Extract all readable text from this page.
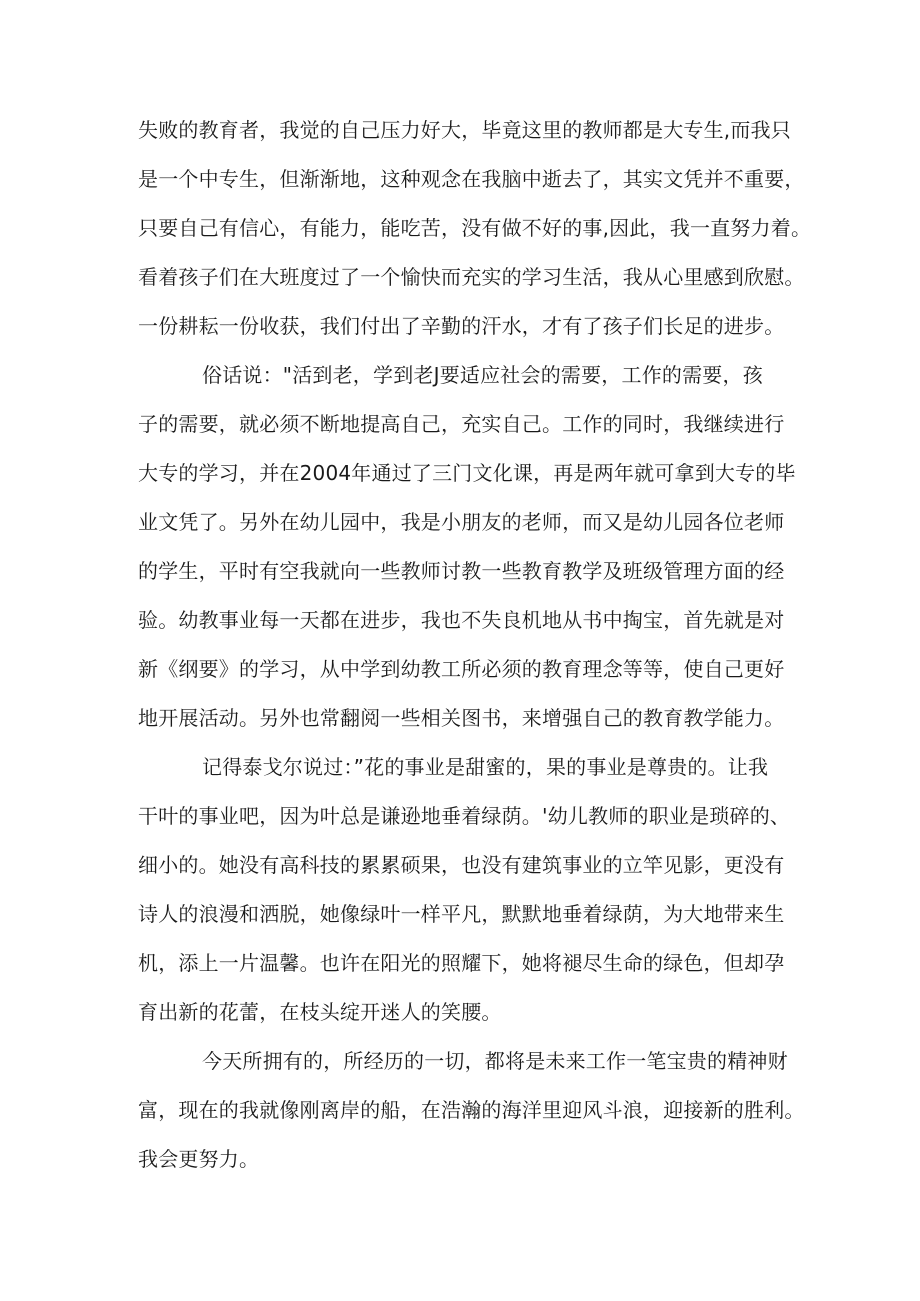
失败的教育者，我觉的自己压力好大，毕竟这里的教师都是大专生,而我只
是一个中专生，但渐渐地，这种观念在我脑中逝去了，其实文凭并不重要，
只要自己有信心，有能力，能吃苦，没有做不好的事,因此，我一直努力着。
看着孩子们在大班度过了一个愉快而充实的学习生活，我从心里感到欣慰。
一份耕耘一份收获，我们付出了辛勤的汗水，才有了孩子们长足的进步。
俗话说："活到老，学到老J要适应社会的需要，工作的需要，孩
子的需要，就必须不断地提高自己，充实自己。工作的同时，我继续进行
大专的学习，并在2004年通过了三门文化课，再是两年就可拿到大专的毕
业文凭了。另外在幼儿园中，我是小朋友的老师，而又是幼儿园各位老师
的学生，平时有空我就向一些教师讨教一些教育教学及班级管理方面的经
验。幼教事业每一天都在进步，我也不失良机地从书中掏宝，首先就是对
新《纲要》的学习，从中学到幼教工所必须的教育理念等等，使自己更好
地开展活动。另外也常翻阅一些相关图书，来增强自己的教育教学能力。
记得泰戈尔说过：”花的事业是甜蜜的，果的事业是尊贵的。让我
干叶的事业吧，因为叶总是谦逊地垂着绿荫。'幼儿教师的职业是琐碎的、
细小的。她没有高科技的累累硕果，也没有建筑事业的立竿见影，更没有
诗人的浪漫和洒脱，她像绿叶一样平凡，默默地垂着绿荫，为大地带来生
机，添上一片温馨。也许在阳光的照耀下，她将褪尽生命的绿色，但却孕
育出新的花蕾，在枝头绽开迷人的笑腰。
今天所拥有的，所经历的一切，都将是未来工作一笔宝贵的精神财
富，现在的我就像刚离岸的船，在浩瀚的海洋里迎风斗浪，迎接新的胜利。
我会更努力。
